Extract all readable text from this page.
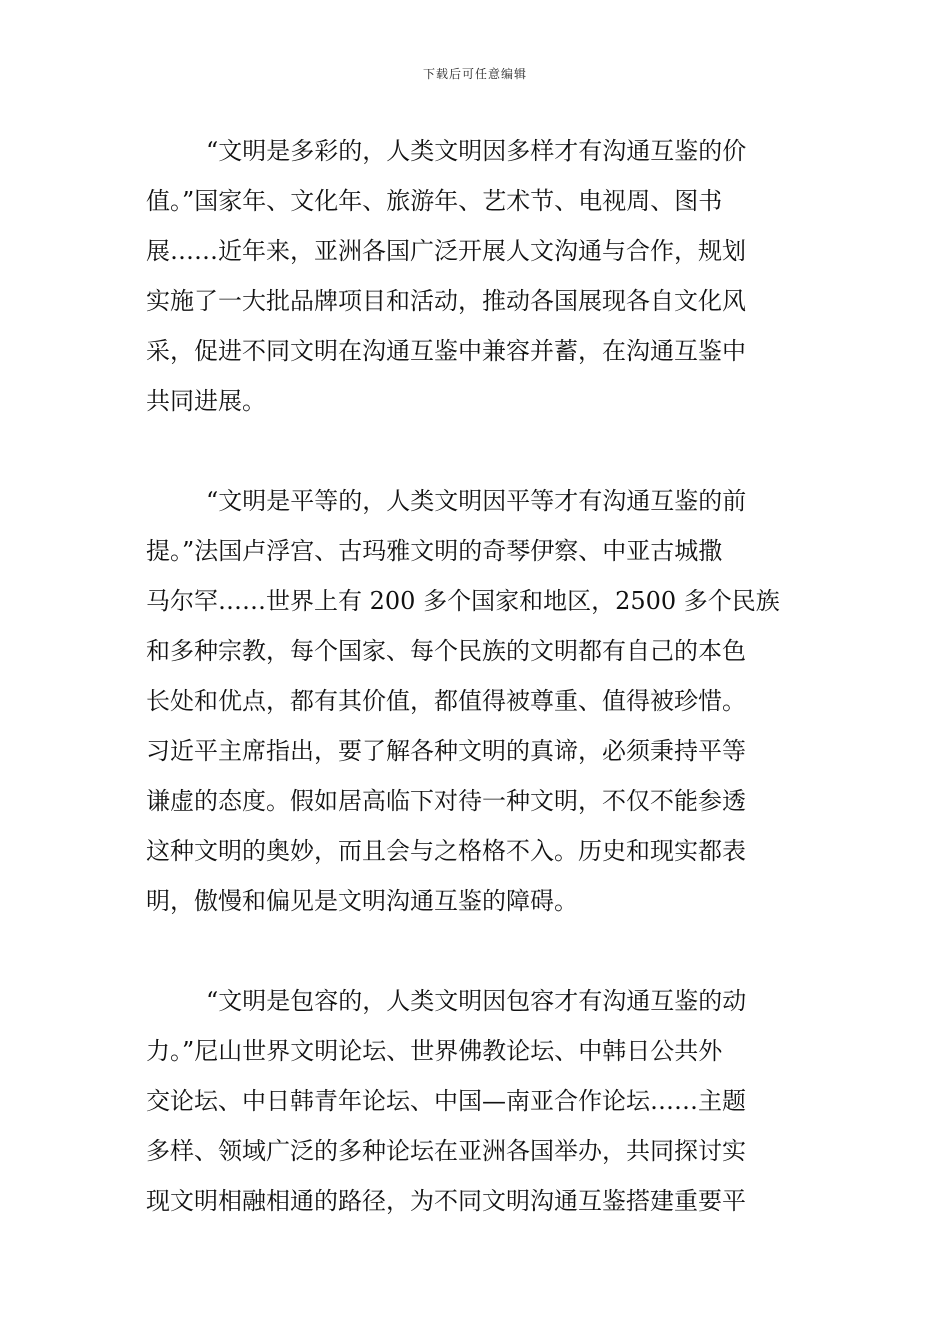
下载后可任意编辑
“文明是多彩的，人类文明因多样才有沟通互鉴的价
值。”国家年、文化年、旅游年、艺术节、电视周、图书
展……近年来，亚洲各国广泛开展人文沟通与合作，规划
实施了一大批品牌项目和活动，推动各国展现各自文化风
采，促进不同文明在沟通互鉴中兼容并蓄，在沟通互鉴中
共同进展。
“文明是平等的，人类文明因平等才有沟通互鉴的前
提。”法国卢浮宫、古玛雅文明的奇琴伊察、中亚古城撒
马尔罕……世界上有 200 多个国家和地区，2500 多个民族
和多种宗教，每个国家、每个民族的文明都有自己的本色
长处和优点，都有其价值，都值得被尊重、值得被珍惜。
习近平主席指出，要了解各种文明的真谛，必须秉持平等
谦虚的态度。假如居高临下对待一种文明，不仅不能参透
这种文明的奥妙，而且会与之格格不入。历史和现实都表
明，傲慢和偏见是文明沟通互鉴的障碍。
“文明是包容的，人类文明因包容才有沟通互鉴的动
力。”尼山世界文明论坛、世界佛教论坛、中韩日公共外
交论坛、中日韩青年论坛、中国—南亚合作论坛……主题
多样、领域广泛的多种论坛在亚洲各国举办，共同探讨实
现文明相融相通的路径，为不同文明沟通互鉴搭建重要平
